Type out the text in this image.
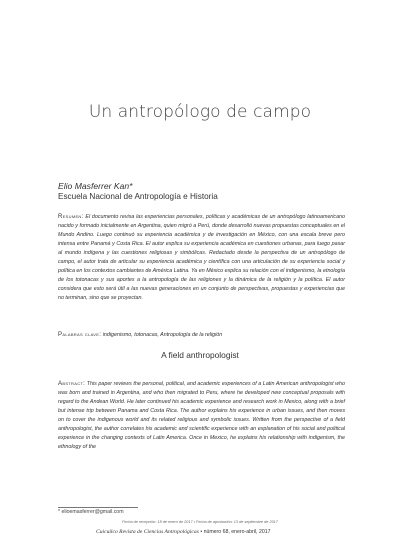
Un antropólogo de campo
Elio Masferrer Kan*
Escuela Nacional de Antropología e Historia
Resumen: El documento revisa las experiencias personales, políticas y académicas de un antropólogo latinoamericano nacido y formado inicialmente en Argentina, quien migró a Perú, donde desarrolló nuevas propuestas conceptuales en el Mundo Andino. Luego continuó su experiencia académica y de investigación en México, con una escala breve pero intensa entre Panamá y Costa Rica. El autor explica su experiencia académica en cuestiones urbanas, para luego pasar al mundo indígena y las cuestiones religiosas y simbólicas. Redactado desde la perspectiva de un antropólogo de campo, el autor trata de articular su experiencia académica y científica con una articulación de su experiencia social y política en los contextos cambiantes de América Latina. Ya en México explica su relación con el indigenismo, la etnología de los totonacas y sus aportes a la antropología de las religiones y la dinámica de la religión y la política. El autor considera que esto será útil a las nuevas generaciones en un conjunto de perspectivas, propuestas y experiencias que no terminan, sino que se proyectan.
Palabras clave: indigenismo, totonacas, Antropología de la religión
A field anthropologist
Abstract: This paper reviews the personal, political, and academic experiences of a Latin American anthropologist who was born and trained in Argentina, and who then migrated to Peru, where he developed new conceptual proposals with regard to the Andean World. He later continued his academic experience and research work in Mexico, along with a brief but intense trip between Panama and Costa Rica. The author explains his experience in urban issues, and then moves on to cover the indigenous world and its related religious and symbolic issues. Written from the perspective of a field anthropologist, the author correlates his academic and scientific experience with an explanation of his social and political experience in the changing contexts of Latin America. Once in Mexico, he explains his relationship with indigenism, the ethnology of the
* elioemasferrer@gmail.com
Fecha de recepción: 18 de enero de 2017 • Fecha de aprobación: 13 de septiembre de 2017
Cuicuilco Revista de Ciencias Antropológicas • número 68, enero-abril, 2017
